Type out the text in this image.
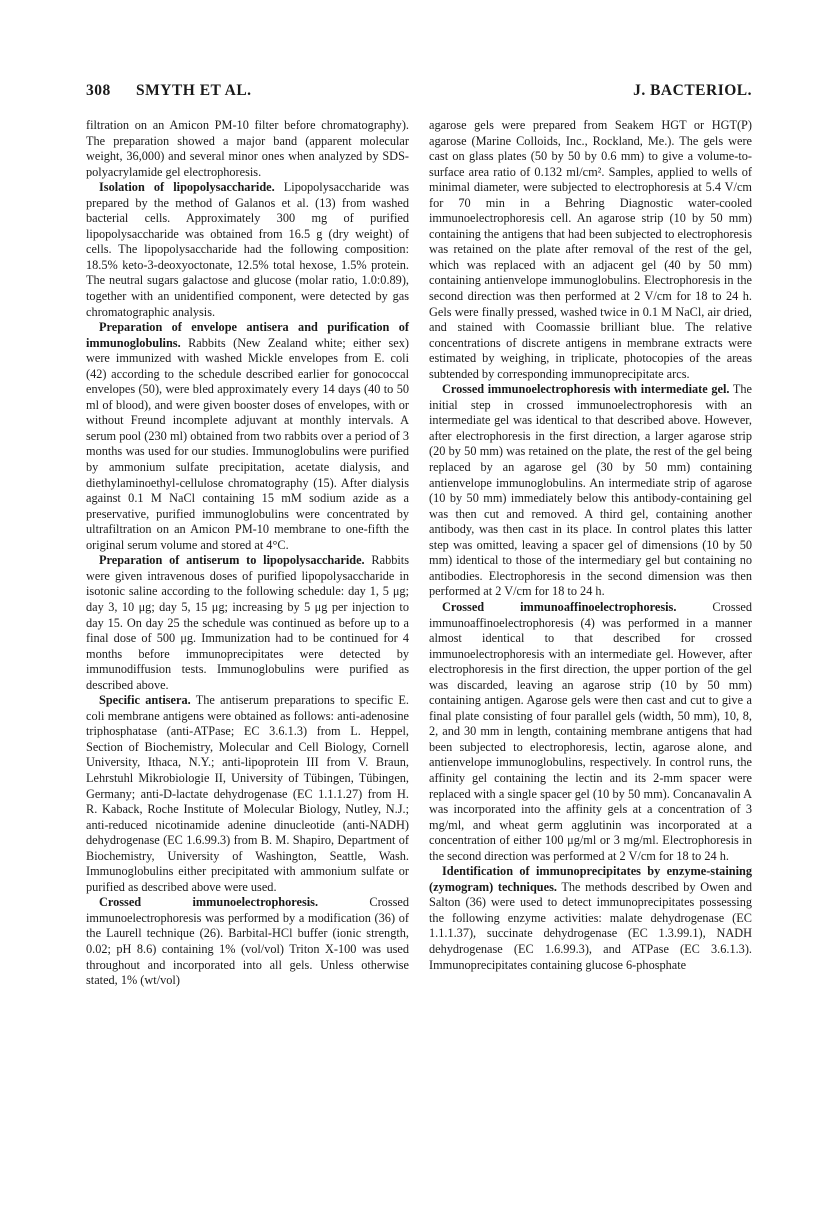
308 SMYTH ET AL.	J. BACTERIOL.

filtration on an Amicon PM-10 filter before chromatography). The preparation showed a major band (apparent molecular weight, 36,000) and several minor ones when analyzed by SDS-polyacrylamide gel electrophoresis.

Isolation of lipopolysaccharide. Lipopolysaccharide was prepared by the method of Galanos et al. (13) from washed bacterial cells. Approximately 300 mg of purified lipopolysaccharide was obtained from 16.5 g (dry weight) of cells. The lipopolysaccharide had the following composition: 18.5% keto-3-deoxyoctonate, 12.5% total hexose, 1.5% protein. The neutral sugars galactose and glucose (molar ratio, 1.0:0.89), together with an unidentified component, were detected by gas chromatographic analysis.

Preparation of envelope antisera and purification of immunoglobulins. Rabbits (New Zealand white; either sex) were immunized with washed Mickle envelopes from E. coli (42) according to the schedule described earlier for gonococcal envelopes (50), were bled approximately every 14 days (40 to 50 ml of blood), and were given booster doses of envelopes, with or without Freund incomplete adjuvant at monthly intervals. A serum pool (230 ml) obtained from two rabbits over a period of 3 months was used for our studies. Immunoglobulins were purified by ammonium sulfate precipitation, acetate dialysis, and diethylaminoethyl-cellulose chromatography (15). After dialysis against 0.1 M NaCl containing 15 mM sodium azide as a preservative, purified immunoglobulins were concentrated by ultrafiltration on an Amicon PM-10 membrane to one-fifth the original serum volume and stored at 4°C.

Preparation of antiserum to lipopolysaccharide. Rabbits were given intravenous doses of purified lipopolysaccharide in isotonic saline according to the following schedule: day 1, 5 μg; day 3, 10 μg; day 5, 15 μg; increasing by 5 μg per injection to day 15. On day 25 the schedule was continued as before up to a final dose of 500 μg. Immunization had to be continued for 4 months before immunoprecipitates were detected by immunodiffusion tests. Immunoglobulins were purified as described above.

Specific antisera. The antiserum preparations to specific E. coli membrane antigens were obtained as follows: anti-adenosine triphosphatase (anti-ATPase; EC 3.6.1.3) from L. Heppel, Section of Biochemistry, Molecular and Cell Biology, Cornell University, Ithaca, N.Y.; anti-lipoprotein III from V. Braun, Lehrstuhl Mikrobiologie II, University of Tübingen, Tübingen, Germany; anti-D-lactate dehydrogenase (EC 1.1.1.27) from H. R. Kaback, Roche Institute of Molecular Biology, Nutley, N.J.; anti-reduced nicotinamide adenine dinucleotide (anti-NADH) dehydrogenase (EC 1.6.99.3) from B. M. Shapiro, Department of Biochemistry, University of Washington, Seattle, Wash. Immunoglobulins either precipitated with ammonium sulfate or purified as described above were used.

Crossed immunoelectrophoresis. Crossed immunoelectrophoresis was performed by a modification (36) of the Laurell technique (26). Barbital-HCl buffer (ionic strength, 0.02; pH 8.6) containing 1% (vol/vol) Triton X-100 was used throughout and incorporated into all gels. Unless otherwise stated, 1% (wt/vol)

agarose gels were prepared from Seakem HGT or HGT(P) agarose (Marine Colloids, Inc., Rockland, Me.). The gels were cast on glass plates (50 by 50 by 0.6 mm) to give a volume-to-surface area ratio of 0.132 ml/cm². Samples, applied to wells of minimal diameter, were subjected to electrophoresis at 5.4 V/cm for 70 min in a Behring Diagnostic water-cooled immunoelectrophoresis cell. An agarose strip (10 by 50 mm) containing the antigens that had been subjected to electrophoresis was retained on the plate after removal of the rest of the gel, which was replaced with an adjacent gel (40 by 50 mm) containing antienvelope immunoglobulins. Electrophoresis in the second direction was then performed at 2 V/cm for 18 to 24 h. Gels were finally pressed, washed twice in 0.1 M NaCl, air dried, and stained with Coomassie brilliant blue. The relative concentrations of discrete antigens in membrane extracts were estimated by weighing, in triplicate, photocopies of the areas subtended by corresponding immunoprecipitate arcs.

Crossed immunoelectrophoresis with intermediate gel. The initial step in crossed immunoelectrophoresis with an intermediate gel was identical to that described above. However, after electrophoresis in the first direction, a larger agarose strip (20 by 50 mm) was retained on the plate, the rest of the gel being replaced by an agarose gel (30 by 50 mm) containing antienvelope immunoglobulins. An intermediate strip of agarose (10 by 50 mm) immediately below this antibody-containing gel was then cut and removed. A third gel, containing another antibody, was then cast in its place. In control plates this latter step was omitted, leaving a spacer gel of dimensions (10 by 50 mm) identical to those of the intermediary gel but containing no antibodies. Electrophoresis in the second dimension was then performed at 2 V/cm for 18 to 24 h.

Crossed immunoaffinoelectrophoresis. Crossed immunoaffinoelectrophoresis (4) was performed in a manner almost identical to that described for crossed immunoelectrophoresis with an intermediate gel. However, after electrophoresis in the first direction, the upper portion of the gel was discarded, leaving an agarose strip (10 by 50 mm) containing antigen. Agarose gels were then cast and cut to give a final plate consisting of four parallel gels (width, 50 mm), 10, 8, 2, and 30 mm in length, containing membrane antigens that had been subjected to electrophoresis, lectin, agarose alone, and antienvelope immunoglobulins, respectively. In control runs, the affinity gel containing the lectin and its 2-mm spacer were replaced with a single spacer gel (10 by 50 mm). Concanavalin A was incorporated into the affinity gels at a concentration of 3 mg/ml, and wheat germ agglutinin was incorporated at a concentration of either 100 μg/ml or 3 mg/ml. Electrophoresis in the second direction was performed at 2 V/cm for 18 to 24 h.

Identification of immunoprecipitates by enzyme-staining (zymogram) techniques. The methods described by Owen and Salton (36) were used to detect immunoprecipitates possessing the following enzyme activities: malate dehydrogenase (EC 1.1.1.37), succinate dehydrogenase (EC 1.3.99.1), NADH dehydrogenase (EC 1.6.99.3), and ATPase (EC 3.6.1.3). Immunoprecipitates containing glucose 6-phosphate
